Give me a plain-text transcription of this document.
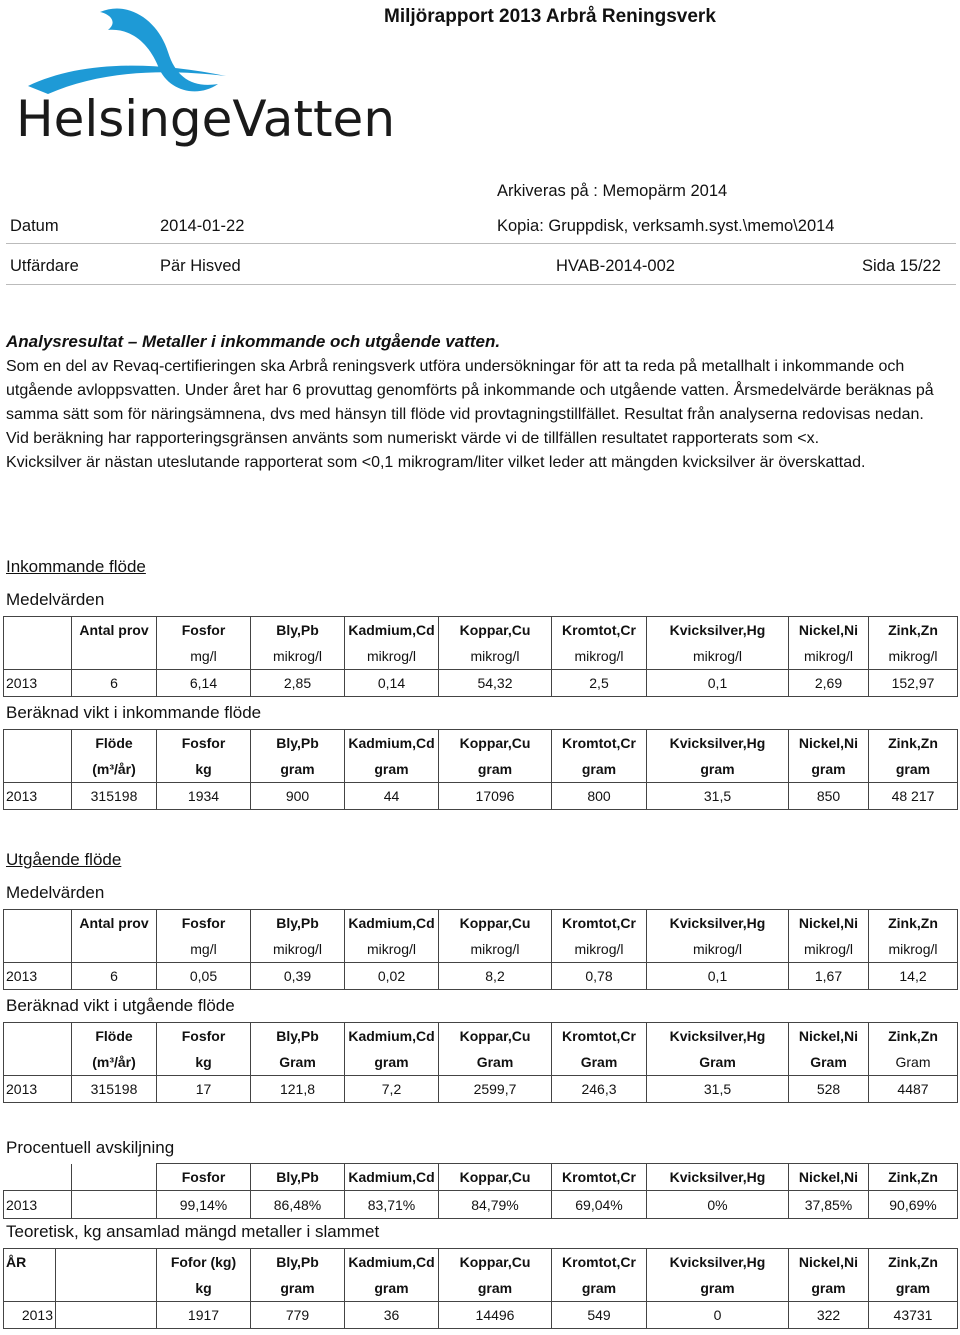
HelsingeVatten
Miljörapport 2013 Arbrå Reningsverk
Arkiveras på : Memopärm 2014
Datum	2014-01-22	Kopia: Gruppdisk, verksamh.syst.\memo\2014
Utfärdare	Pär Hisved	HVAB-2014-002	Sida 15/22
Analysresultat – Metaller i inkommande och utgående vatten.

Som en del av Revaq-certifieringen ska Arbrå reningsverk utföra undersökningar för att ta reda på metallhalt i inkommande och utgående avloppsvatten. Under året har 6 provuttag genomförts på inkommande och utgående vatten. Årsmedelvärde beräknas på samma sätt som för näringsämnena, dvs med hänsyn till flöde vid provtagningstillfället. Resultat från analyserna redovisas nedan.

Vid beräkning har rapporteringsgränsen använts som numeriskt värde vi de tillfällen resultatet rapporterats som <x.

Kvicksilver är nästan uteslutande rapporterat som <0,1 mikrogram/liter vilket leder att mängden kvicksilver är överskattad.

Inkommande flöde
Medelvärden
	Antal prov	Fosfor	Bly,Pb	Kadmium,Cd	Koppar,Cu	Kromtot,Cr	Kvicksilver,Hg	Nickel,Ni	Zink,Zn
		mg/l	mikrog/l	mikrog/l	mikrog/l	mikrog/l	mikrog/l	mikrog/l	mikrog/l
2013	6	6,14	2,85	0,14	54,32	2,5	0,1	2,69	152,97
Beräknad vikt i inkommande flöde
	Flöde	Fosfor	Bly,Pb	Kadmium,Cd	Koppar,Cu	Kromtot,Cr	Kvicksilver,Hg	Nickel,Ni	Zink,Zn
	(m³/år)	kg	gram	gram	gram	gram	gram	gram	gram
2013	315198	1934	900	44	17096	800	31,5	850	48 217
Utgående flöde
Medelvärden
	Antal prov	Fosfor	Bly,Pb	Kadmium,Cd	Koppar,Cu	Kromtot,Cr	Kvicksilver,Hg	Nickel,Ni	Zink,Zn
		mg/l	mikrog/l	mikrog/l	mikrog/l	mikrog/l	mikrog/l	mikrog/l	mikrog/l
2013	6	0,05	0,39	0,02	8,2	0,78	0,1	1,67	14,2
Beräknad vikt i utgående flöde
	Flöde	Fosfor	Bly,Pb	Kadmium,Cd	Koppar,Cu	Kromtot,Cr	Kvicksilver,Hg	Nickel,Ni	Zink,Zn
	(m³/år)	kg	Gram	gram	Gram	Gram	Gram	Gram	Gram
2013	315198	17	121,8	7,2	2599,7	246,3	31,5	528	4487
Procentuell avskiljning
		Fosfor	Bly,Pb	Kadmium,Cd	Koppar,Cu	Kromtot,Cr	Kvicksilver,Hg	Nickel,Ni	Zink,Zn
2013		99,14%	86,48%	83,71%	84,79%	69,04%	0%	37,85%	90,69%
Teoretisk, kg ansamlad mängd metaller i slammet
ÅR		Fofor (kg)	Bly,Pb	Kadmium,Cd	Koppar,Cu	Kromtot,Cr	Kvicksilver,Hg	Nickel,Ni	Zink,Zn
		kg	gram	gram	gram	gram	gram	gram	gram
2013		1917	779	36	14496	549	0	322	43731
